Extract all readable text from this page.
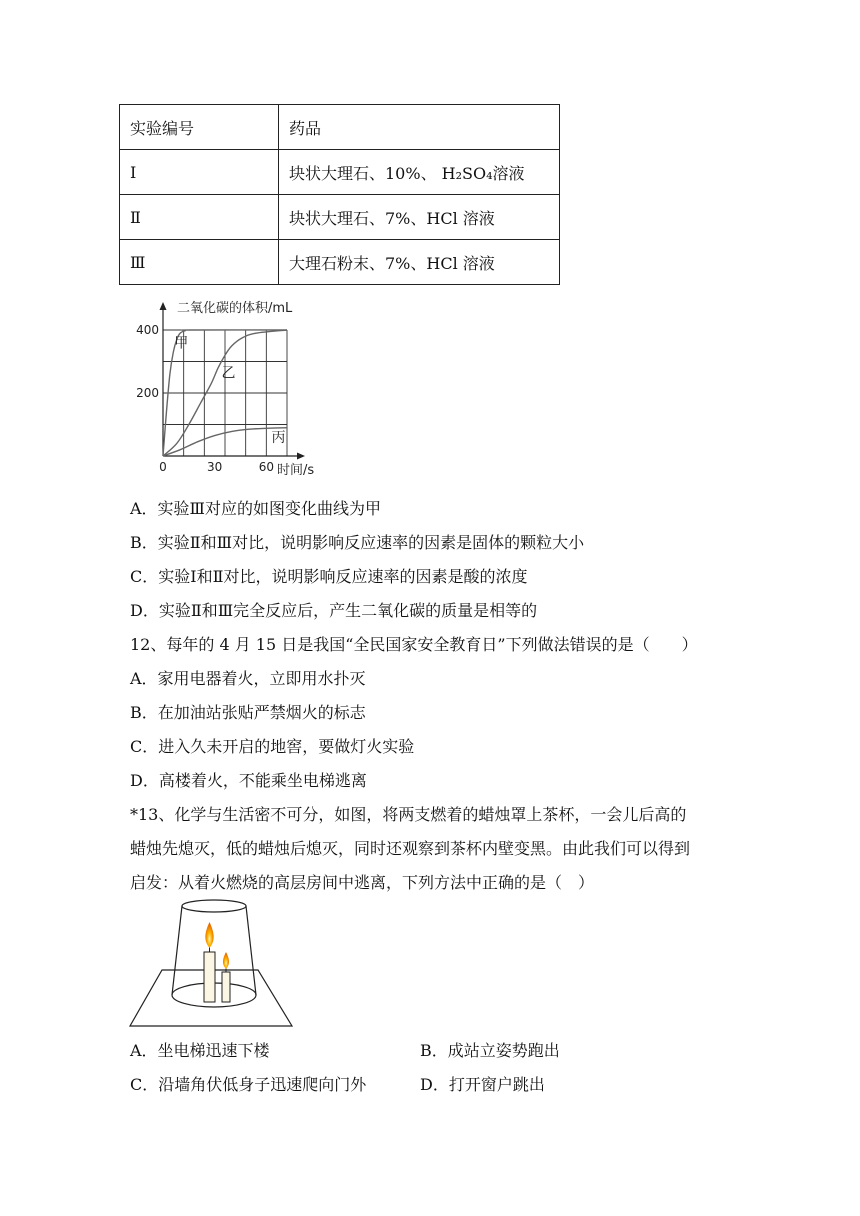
实验编号	药品
Ⅰ	块状大理石、10%、 H₂SO₄溶液
Ⅱ	块状大理石、7%、HCl 溶液
Ⅲ	大理石粉末、7%、HCl 溶液
400
200
0	30	60
二氧化碳的体积/mL
时间/s
甲
乙
丙
A．实验Ⅲ对应的如图变化曲线为甲
B．实验Ⅱ和Ⅲ对比，说明影响反应速率的因素是固体的颗粒大小
C．实验Ⅰ和Ⅱ对比，说明影响反应速率的因素是酸的浓度
D．实验Ⅱ和Ⅲ完全反应后，产生二氧化碳的质量是相等的
12、每年的 4 月 15 日是我国“全民国家安全教育日”下列做法错误的是（　　）
A．家用电器着火，立即用水扑灭
B．在加油站张贴严禁烟火的标志
C．进入久未开启的地窖，要做灯火实验
D．高楼着火，不能乘坐电梯逃离
*13、化学与生活密不可分，如图，将两支燃着的蜡烛罩上茶杯，一会儿后高的
蜡烛先熄灭，低的蜡烛后熄灭，同时还观察到茶杯内壁变黑。由此我们可以得到
启发：从着火燃烧的高层房间中逃离，下列方法中正确的是（　）
A．坐电梯迅速下楼	B．成站立姿势跑出
C．沿墙角伏低身子迅速爬向门外	D．打开窗户跳出
